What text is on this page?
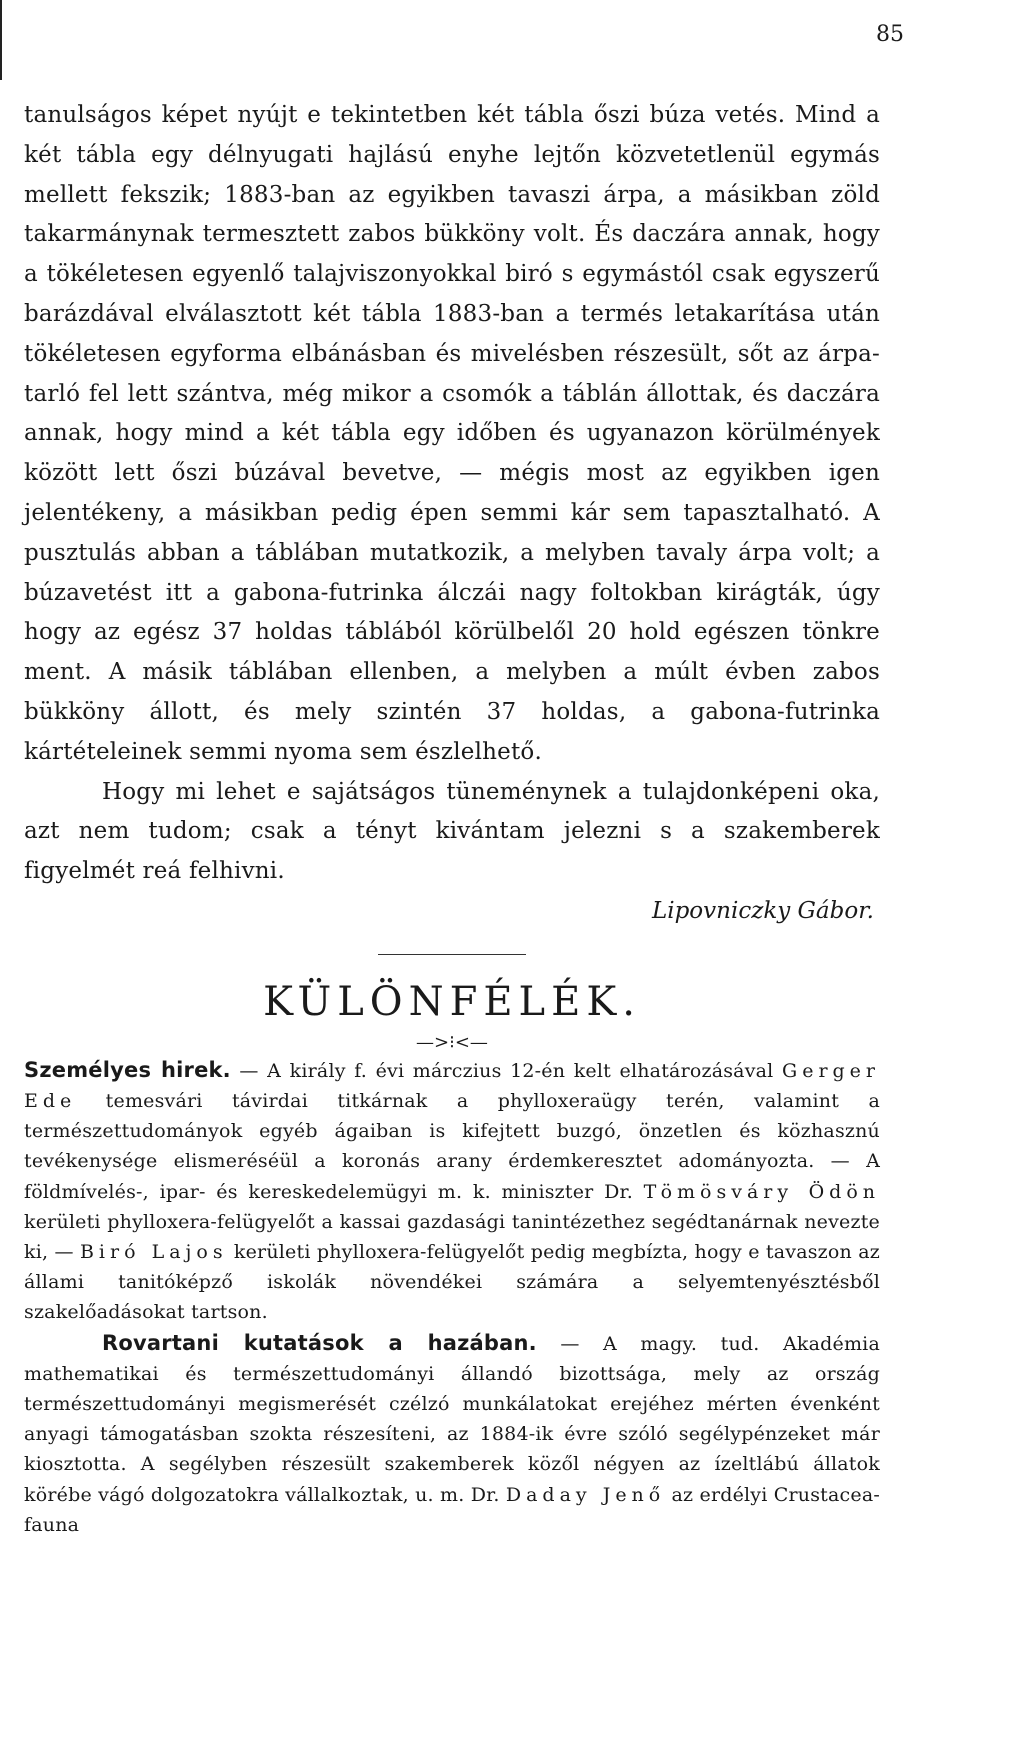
85

tanulságos képet nyújt e tekintetben két tábla őszi búza vetés. Mind a két tábla egy délnyugati hajlású enyhe lejtőn közvetetlenül egymás mellett fekszik; 1883-ban az egyikben tavaszi árpa, a másikban zöld takarmánynak termesztett zabos bükköny volt. És daczára annak, hogy a tökéletesen egyenlő talajviszonyokkal biró s egymástól csak egyszerű barázdával elválasztott két tábla 1883-ban a termés letakarítása után tökéletesen egyforma elbánásban és mivelésben részesült, sőt az árpa-tarló fel lett szántva, még mikor a csomók a táblán állottak, és daczára annak, hogy mind a két tábla egy időben és ugyanazon körülmények között lett őszi búzával bevetve, — mégis most az egyikben igen jelentékeny, a másikban pedig épen semmi kár sem tapasztalható. A pusztulás abban a táblában mutatkozik, a melyben tavaly árpa volt; a búzavetést itt a gabona-futrinka álczái nagy foltokban kirágták, úgy hogy az egész 37 holdas táblából körülbelől 20 hold egészen tönkre ment. A másik táblában ellenben, a melyben a múlt évben zabos bükköny állott, és mely szintén 37 holdas, a gabona-futrinka kártételeinek semmi nyoma sem észlelhető.

Hogy mi lehet e sajátságos tüneménynek a tulajdonképeni oka, azt nem tudom; csak a tényt kivántam jelezni s a szakemberek figyelmét reá felhivni.

Lipovniczky Gábor.
KÜLÖNFÉLÉK.
—>⁝<—

Személyes hirek. — A király f. évi márczius 12-én kelt elhatározásával Gerger Ede temesvári távirdai titkárnak a phylloxeraügy terén, valamint a természettudományok egyéb ágaiban is kifejtett buzgó, önzetlen és közhasznú tevékenysége elismeréséül a koronás arany érdemkeresztet adományozta. — A földmívelés-, ipar- és kereskedelemügyi m. k. miniszter Dr. Tömösváry Ödön kerületi phylloxera-felügyelőt a kassai gazdasági tanintézethez segédtanárnak nevezte ki, — Biró Lajos kerületi phylloxera-felügyelőt pedig megbízta, hogy e tavaszon az állami tanitóképző iskolák növendékei számára a selyemtenyésztésből szakelőadásokat tartson.

Rovartani kutatások a hazában. — A magy. tud. Akadémia mathematikai és természettudományi állandó bizottsága, mely az ország természettudományi megismerését czélzó munkálatokat erejéhez mérten évenként anyagi támogatásban szokta részesíteni, az 1884-ik évre szóló segélypénzeket már kiosztotta. A segélyben részesült szakemberek közől négyen az ízeltlábú állatok körébe vágó dolgozatokra vállalkoztak, u. m. Dr. Daday Jenő az erdélyi Crustacea-fauna
